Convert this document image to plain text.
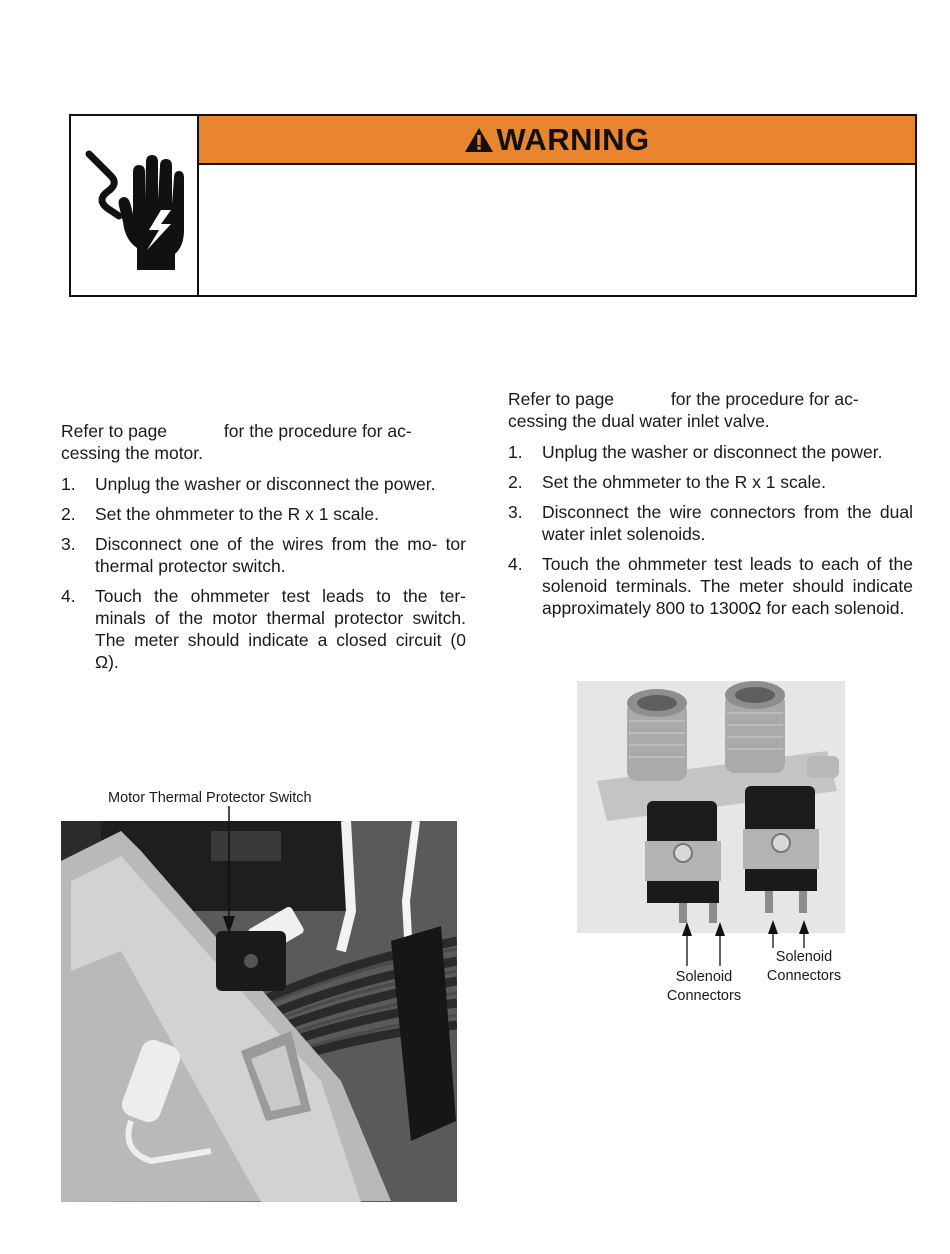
WARNING

Refer to page	for the procedure for ac- cessing the motor.

1. Unplug the washer or disconnect the power.
2. Set the ohmmeter to the R x 1 scale.
3. Disconnect one of the wires from the mo- tor thermal protector switch.
4. Touch the ohmmeter test leads to the ter- minals of the motor thermal protector switch. The meter should indicate a closed circuit (0 Ω).

Refer to page	for the procedure for ac- cessing the dual water inlet valve.

1. Unplug the washer or disconnect the power.
2. Set the ohmmeter to the R x 1 scale.
3. Disconnect the wire connectors from the dual water inlet solenoids.
4. Touch the ohmmeter test leads to each of the solenoid terminals. The meter should indicate approximately 800 to 1300Ω for each solenoid.
Motor Thermal Protector Switch
Solenoid Connectors
Solenoid Connectors
